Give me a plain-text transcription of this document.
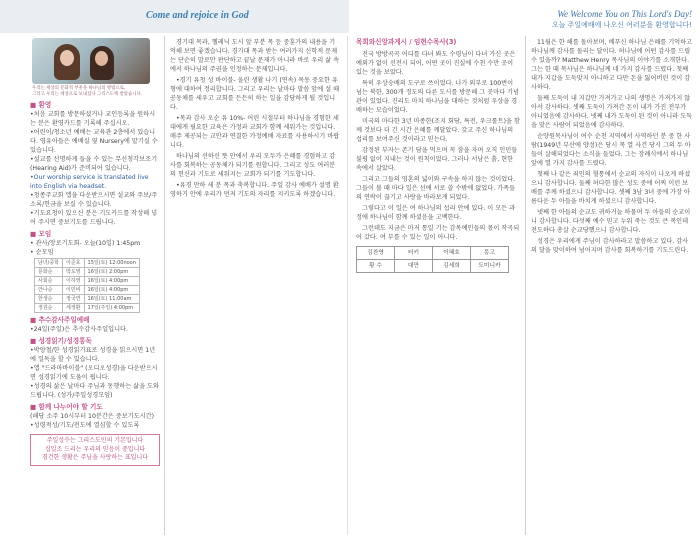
Come and rejoice in God	We Welcome You on This Lord's Day!
오늘 주일예배에 나오신 여러분을 환영합니다!
우리는 세상의 문화적 부흥을 하나님의 방법으로,
그리고 우리는 세상으로 보내셨다 그리스도께 받았습니다.
■ 환영

•처음 교회를 방문하셨거나 교인등록을 원하시는 분은 환영카드를 기록해 주십시오.

•어린이/청소년 예배는 교육관 2층에서 있습니다. 영유아들은 예배실 옆 Nursery에 맡기실 수 있습니다.

•설교를 선명하게 들을 수 있는 무선청각보조기(Hearing Aid)가 준비되어 있습니다.

•Our worship service is translated live into English via headset.

•청종주교회 앱을 다운받으시면 설교와 주보/주소록/헌금을 보실 수 있습니다.

•기도요청이 있으신 분은 기도카드를 작성해 넣어 주시면 중보기도를 드립니다.

■ 모임

• 관사/장로기도회- 오늘(10일) 1:45pm

• 순모임

남녀/중학	이준호	15일(토) 12:00noon
문화순	박도영	16일(토) 2:00pm
사회순	이하영	16일(토) 4:00pm
안나순	이민비	16일(토) 4:00pm
한생순	정국연	16일(토) 11:00am
정원순	세정환	17일(주일) 4:00pm
■ 추수감사주일예배

•24일(주일)은 추수감사주일입니다.

■ 성경읽기/성경통독

•박양철/한 성경읽기표로 성경을 읽으시면 1년에 일독을 할 수 있습니다.

•앱 "드라마바이블" (오디오성경)을 다운받으시면 성경읽기에 도움이 됩니다.

•성경의 삶은 날마다 주님과 동행하는 삶을 도와드립니다. (성가/주일성경모임)

■ 함께 나누어야 할 기도

(해당 소주 10시부터 10분간은 중보기도시간)

•성령적성/기도/전도에 열심할 수 있도록

주일성수는 그리스도인의 기본입니다
십일조 드리는 우리의 믿음이 중입니다
겸건한 생활은 주님을 사랑하는 표입니다

경기대 목과, 헬레닉 도시 앞 부분 목 등 중훈가의 내용을 기억해 보면 좋겠습니다. 경기대 목과 받는 여러가지 신학적 문제는 단순히 말로만 판단하고 끝날 문제가 아니라 바로 우리 삶 속에서 하나님의 주권을 인정하는 문제입니다.

•경기 유청 성 바이블- 올린 생활 나기 (연속) 목동 중요한 유형에 대하여 정리합니다. 그리고 우리는 날마다 말씀 앞에 설 때 공동체를 세우고 교회를 든든히 하는 일을 감당하게 될 것입니다.

•목과 감사 오순 유 10%- 어린 시절부터 하나님을 경험한 세대에게 필요한 교육은 가정과 교회가 함께 세워가는 것입니다. 매주 제공되는 교안과 연결한 가정예배 자료를 사용하시기 바랍니다.

하나님의 선하신 뜻 안에서 우리 모두가 은혜를 경험하고 감사를 회복하는 공동체가 되기를 원합니다. 그리고 성도 여러분의 헌신과 기도로 세워지는 교회가 되기를 기도합니다.

•유경 만하 세 분 목과 축복합니다. 주일 감사 예배가 설명 환영하기 안에 우리가 먼저 기도의 자리를 지키도록 하겠습니다.

목회와신앙과게시 / 임현수목사(3)

전국 방방곡곡 어디를 다녀 봐도 수령님이 다녀 가신 곳은 예외가 없이 선전시 되어, 어떤 곳이 진실에 수천 수만 곳이 있는 것을 보았다.

특히 우상숭배의 도구로 쓰이었다. 나가 외부로 100번이 넘는 북한, 300개 정도의 다른 도시를 방문해 그 곳마다 기념관이 있었다. 진리도 마치 하나님을 대하는 것처럼 우상을 경배하는 모습이었다.

미국의 마다한 3년 마종한(조지 회담, 특전, 우크롤트)을 함께 것보다 더 긴 시간 은혜를 깨달았다. 갖고 주신 하나님의 섭리를 보여주신 것이라고 믿는다.

감정된 부자는 존기 담을 먹으며 꼭 잠을 자며 오직 인민들 불평 없이 지내는 것이 원칙이었다. 그러나 서남은 흙, 현한 속에서 살았다.

그리고 그들의 영혼의 넓이와 구속을 하지 않는 것이었다. 그들이 볼 때 마다 일은 선에 서로 쓸 수밖에 없었다. 가족들의 연락이 끊기고 사랑을 바라보게 되었다.

그렇다고 이 일은 여 하나님의 섭리 안에 있다. 이 모든 과정에 하나님이 함께 하셨음을 고백한다.

그런데도 지금은 마저 통일 기는 감목예인들의 몫이 작곡되어 갔다. 여 부를 수 있는 일이 아니다.

김찬영	터키	이혜호	몽고
황 수	대만	김세희	도미니카

11월은 한 해를 돌아보며, 베푸신 하나님 은혜를 기억하고 하나님께 감사를 돌리는 달이다. 허나님에 어떤 감사를 드릴 수 있을까? Matthew Henry 목사님의 이야기를 소개한다. 그는 한 때 목사님은 하나님께 네 가지 감사를 드렸다. 첫째 내가 지갑을 도둑맞지 아니하고 다만 돈을 잃어버린 것이 감사하다.

둘째 도둑이 내 지갑만 가져가고 나의 생명은 가져가지 않아서 감사하다. 셋째 도둑이 가져간 돈이 내가 가진 전부가 아니었음에 감사하다. 넷째 내가 도둑이 된 것이 아니라 도둑을 맞은 사람이 되었음에 감사하다.

순양원목사님이 여수 순천 지역에서 사역하던 분 중 한 사람(1949년 부산에 양성)은 당시 목 열 사건 당시 그의 두 아들이 살해되었다는 소식을 들었다. 그는 장례식에서 하나님 앞에 열 가지 감사를 드렸다.

첫째 나 같은 죄인의 혈통에서 순교의 자식이 나오게 하셨으니 감사합니다. 둘째 허다한 많은 성도 중에 어찌 이런 보배를 주께 하셨으니 감사합니다. 셋째 3남 3녀 중에 가장 아름다운 두 아들을 바치게 하셨으니 감사합니다.

넷째 한 아들의 순교도 귀하거늘 하물며 두 아들의 순교이니 감사합니다. 다섯째 예수 믿고 누워 죽는 것도 큰 복인데 전도하다 총살 순교당했으니 감사합니다.

성경은 우리에게 주님이 감사하라고 말씀하고 있다. 감사의 달을 맞이하여 넘어지며 감사를 회복하기를 기도드린다.
